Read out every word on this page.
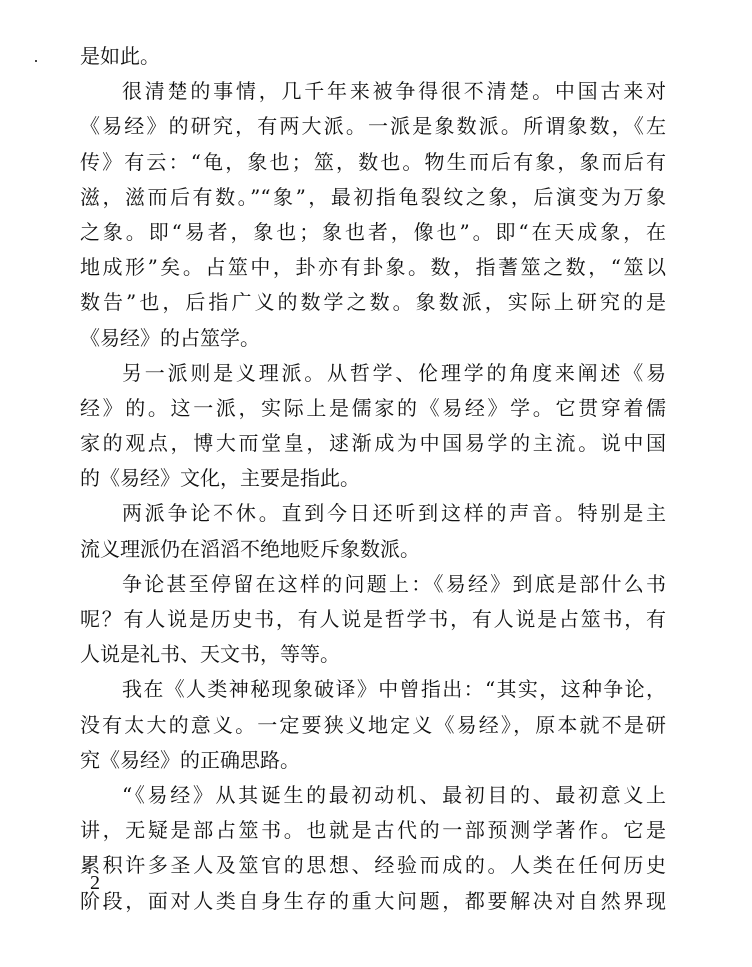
是如此。
很清楚的事情，几千年来被争得很不清楚。中国古来对
《易经》的研究，有两大派。一派是象数派。所谓象数，《左
传》有云：“龟，象也；筮，数也。物生而后有象，象而后有
滋，滋而后有数。”“象”，最初指龟裂纹之象，后演变为万象
之象。即“易者，象也；象也者，像也”。即“在天成象，在
地成形”矣。占筮中，卦亦有卦象。数，指蓍筮之数，“筮以
数告”也，后指广义的数学之数。象数派，实际上研究的是
《易经》的占筮学。
另一派则是义理派。从哲学、伦理学的角度来阐述《易
经》的。这一派，实际上是儒家的《易经》学。它贯穿着儒
家的观点，博大而堂皇，逑渐成为中国易学的主流。说中国
的《易经》文化，主要是指此。
两派争论不休。直到今日还听到这样的声音。特别是主
流义理派仍在滔滔不绝地贬斥象数派。
争论甚至停留在这样的问题上：《易经》到底是部什么书
呢？有人说是历史书，有人说是哲学书，有人说是占筮书，有
人说是礼书、天文书，等等。
我在《人类神秘现象破译》中曾指出：“其实，这种争论，
没有太大的意义。一定要狭义地定义《易经》，原本就不是研
究《易经》的正确思路。
“《易经》从其诞生的最初动机、最初目的、最初意义上
讲，无疑是部占筮书。也就是古代的一部预测学著作。它是
累积许多圣人及筮官的思想、经验而成的。人类在任何历史
阶段，面对人类自身生存的重大问题，都要解决对自然界现
2
